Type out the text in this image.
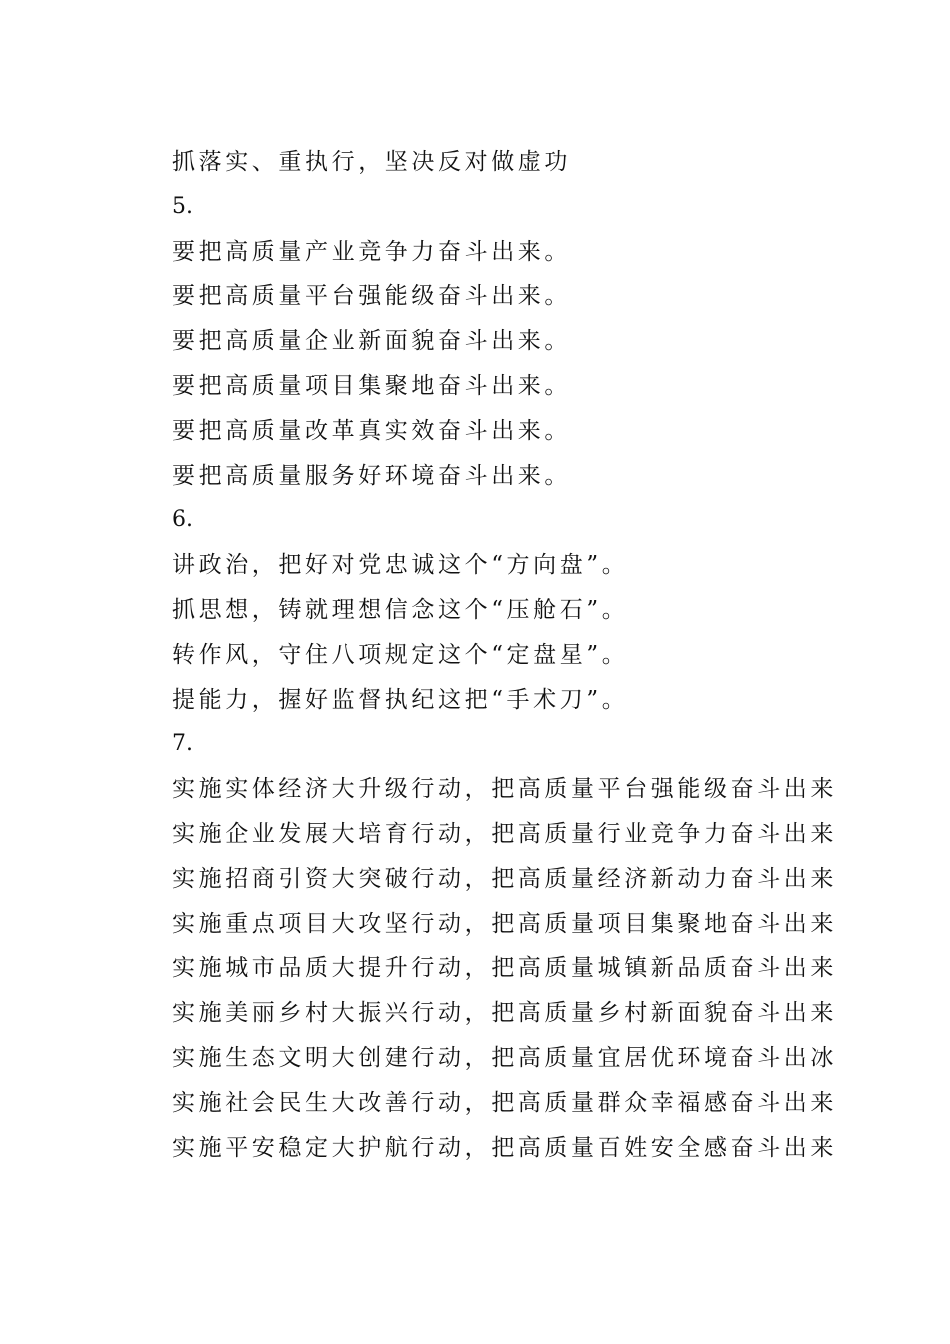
抓落实、重执行，坚决反对做虚功
5.
要把高质量产业竞争力奋斗出来。
要把高质量平台强能级奋斗出来。
要把高质量企业新面貌奋斗出来。
要把高质量项目集聚地奋斗出来。
要把高质量改革真实效奋斗出来。
要把高质量服务好环境奋斗出来。
6.
讲政治，把好对党忠诚这个“方向盘”。
抓思想，铸就理想信念这个“压舱石”。
转作风，守住八项规定这个“定盘星”。
提能力，握好监督执纪这把“手术刀”。
7.
实施实体经济大升级行动，把高质量平台强能级奋斗出来
实施企业发展大培育行动，把高质量行业竞争力奋斗出来
实施招商引资大突破行动，把高质量经济新动力奋斗出来
实施重点项目大攻坚行动，把高质量项目集聚地奋斗出来
实施城市品质大提升行动，把高质量城镇新品质奋斗出来
实施美丽乡村大振兴行动，把高质量乡村新面貌奋斗出来
实施生态文明大创建行动，把高质量宜居优环境奋斗出冰
实施社会民生大改善行动，把高质量群众幸福感奋斗出来
实施平安稳定大护航行动，把高质量百姓安全感奋斗出来
